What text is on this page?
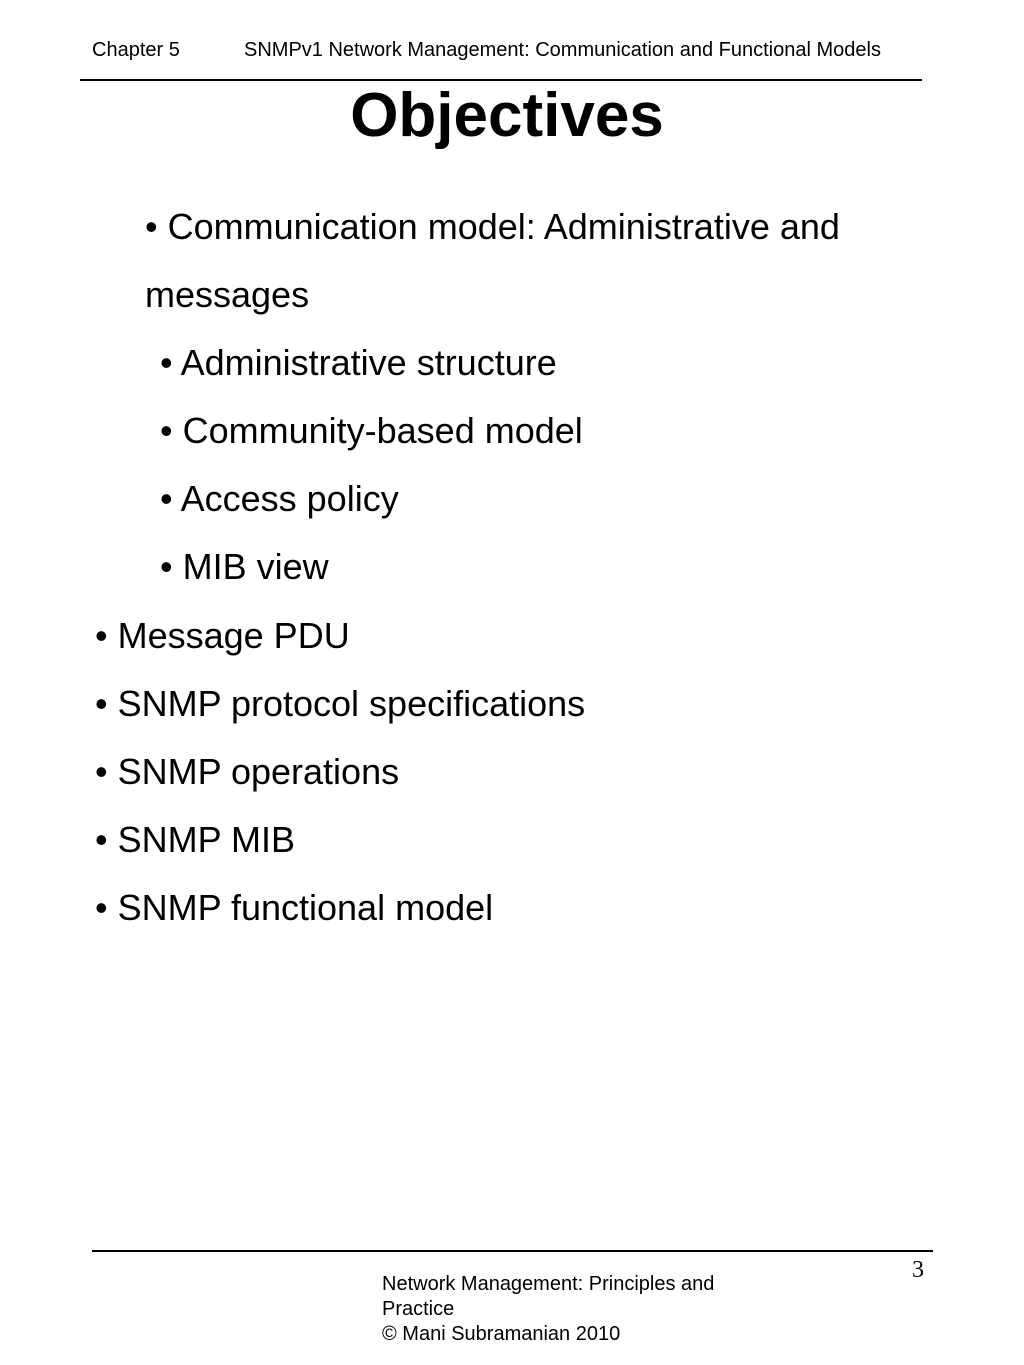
Chapter 5	SNMPv1 Network Management: Communication and Functional Models
Objectives
• Communication model: Administrative and
messages
• Administrative structure
• Community-based model
• Access policy
• MIB view
• Message PDU
• SNMP protocol specifications
• SNMP operations
• SNMP MIB
• SNMP functional model
3
Network Management: Principles and
Practice
© Mani Subramanian 2010
